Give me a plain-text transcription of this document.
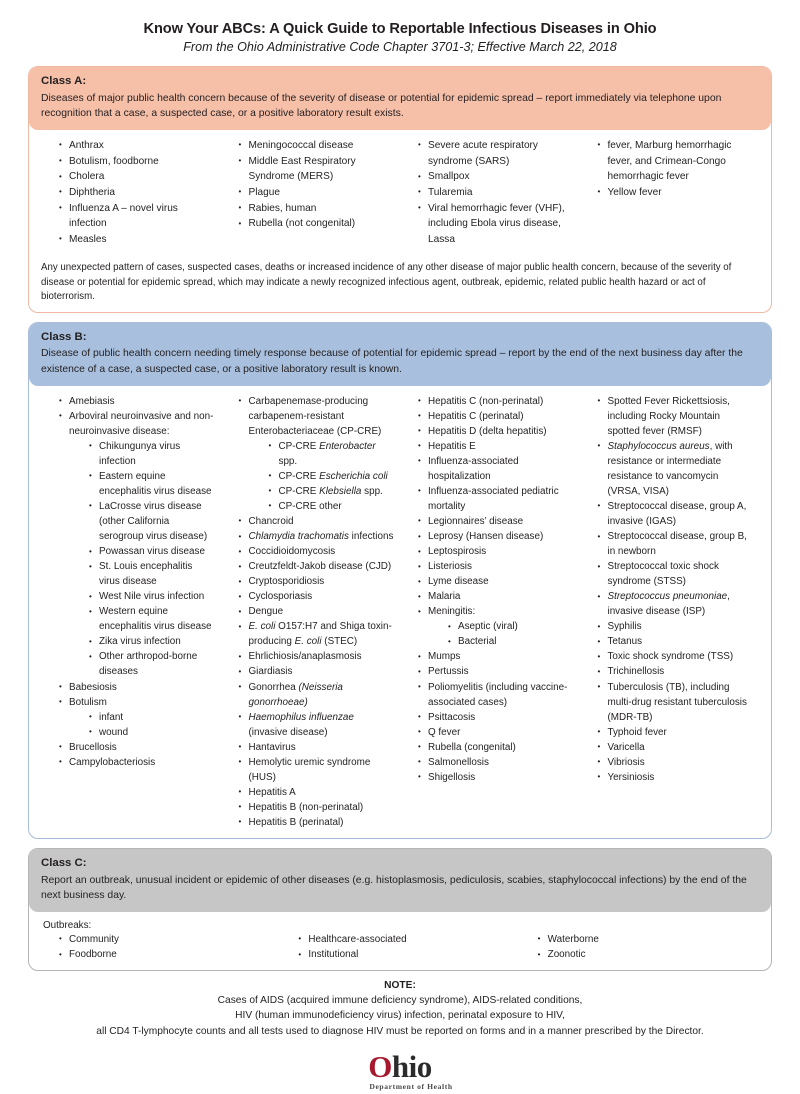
Know Your ABCs: A Quick Guide to Reportable Infectious Diseases in Ohio
From the Ohio Administrative Code Chapter 3701-3; Effective March 22, 2018
Class A:
Diseases of major public health concern because of the severity of disease or potential for epidemic spread – report immediately via telephone upon recognition that a case, a suspected case, or a positive laboratory result exists.
• Anthrax
• Botulism, foodborne
• Cholera
• Diphtheria
• Influenza A – novel virus infection
• Measles
• Meningococcal disease
• Middle East Respiratory Syndrome (MERS)
• Plague
• Rabies, human
• Rubella (not congenital)
• Severe acute respiratory syndrome (SARS)
• Smallpox
• Tularemia
• Viral hemorrhagic fever (VHF), including Ebola virus disease, Lassa
• fever, Marburg hemorrhagic fever, and Crimean-Congo hemorrhagic fever
• Yellow fever
Any unexpected pattern of cases, suspected cases, deaths or increased incidence of any other disease of major public health concern, because of the severity of disease or potential for epidemic spread, which may indicate a newly recognized infectious agent, outbreak, epidemic, related public health hazard or act of bioterrorism.
Class B:
Disease of public health concern needing timely response because of potential for epidemic spread – report by the end of the next business day after the existence of a case, a suspected case, or a positive laboratory result is known.
• Amebiasis
• Arboviral neuroinvasive and non-neuroinvasive disease:
• Chikungunya virus infection
• Eastern equine encephalitis virus disease
• LaCrosse virus disease (other California serogroup virus disease)
• Powassan virus disease
• St. Louis encephalitis virus disease
• West Nile virus infection
• Western equine encephalitis virus disease
• Zika virus infection
• Other arthropod-borne diseases
• Babesiosis
• Botulism
• infant
• wound
• Brucellosis
• Campylobacteriosis
• Carbapenemase-producing carbapenem-resistant Enterobacteriaceae (CP-CRE)
• CP-CRE Enterobacter spp.
• CP-CRE Escherichia coli
• CP-CRE Klebsiella spp.
• CP-CRE other
• Chancroid
• Chlamydia trachomatis infections
• Coccidioidomycosis
• Creutzfeldt-Jakob disease (CJD)
• Cryptosporidiosis
• Cyclosporiasis
• Dengue
• E. coli O157:H7 and Shiga toxin-producing E. coli (STEC)
• Ehrlichiosis/anaplasmosis
• Giardiasis
• Gonorrhea (Neisseria gonorrhoeae)
• Haemophilus influenzae (invasive disease)
• Hantavirus
• Hemolytic uremic syndrome (HUS)
• Hepatitis A
• Hepatitis B (non-perinatal)
• Hepatitis B (perinatal)
• Hepatitis C (non-perinatal)
• Hepatitis C (perinatal)
• Hepatitis D (delta hepatitis)
• Hepatitis E
• Influenza-associated hospitalization
• Influenza-associated pediatric mortality
• Legionnaires’ disease
• Leprosy (Hansen disease)
• Leptospirosis
• Listeriosis
• Lyme disease
• Malaria
• Meningitis:
• Aseptic (viral)
• Bacterial
• Mumps
• Pertussis
• Poliomyelitis (including vaccine-associated cases)
• Psittacosis
• Q fever
• Rubella (congenital)
• Salmonellosis
• Shigellosis
• Spotted Fever Rickettsiosis, including Rocky Mountain spotted fever (RMSF)
• Staphylococcus aureus, with resistance or intermediate resistance to vancomycin (VRSA, VISA)
• Streptococcal disease, group A, invasive (IGAS)
• Streptococcal disease, group B, in newborn
• Streptococcal toxic shock syndrome (STSS)
• Streptococcus pneumoniae, invasive disease (ISP)
• Syphilis
• Tetanus
• Toxic shock syndrome (TSS)
• Trichinellosis
• Tuberculosis (TB), including multi-drug resistant tuberculosis (MDR-TB)
• Typhoid fever
• Varicella
• Vibriosis
• Yersiniosis
Class C:
Report an outbreak, unusual incident or epidemic of other diseases (e.g. histoplasmosis, pediculosis, scabies, staphylococcal infections) by the end of the next business day.
Outbreaks:
• Community
• Foodborne
• Healthcare-associated
• Institutional
• Waterborne
• Zoonotic
NOTE:
Cases of AIDS (acquired immune deficiency syndrome), AIDS-related conditions,
HIV (human immunodeficiency virus) infection, perinatal exposure to HIV,
all CD4 T-lymphocyte counts and all tests used to diagnose HIV must be reported on forms and in a manner prescribed by the Director.
Ohio
Department of Health
